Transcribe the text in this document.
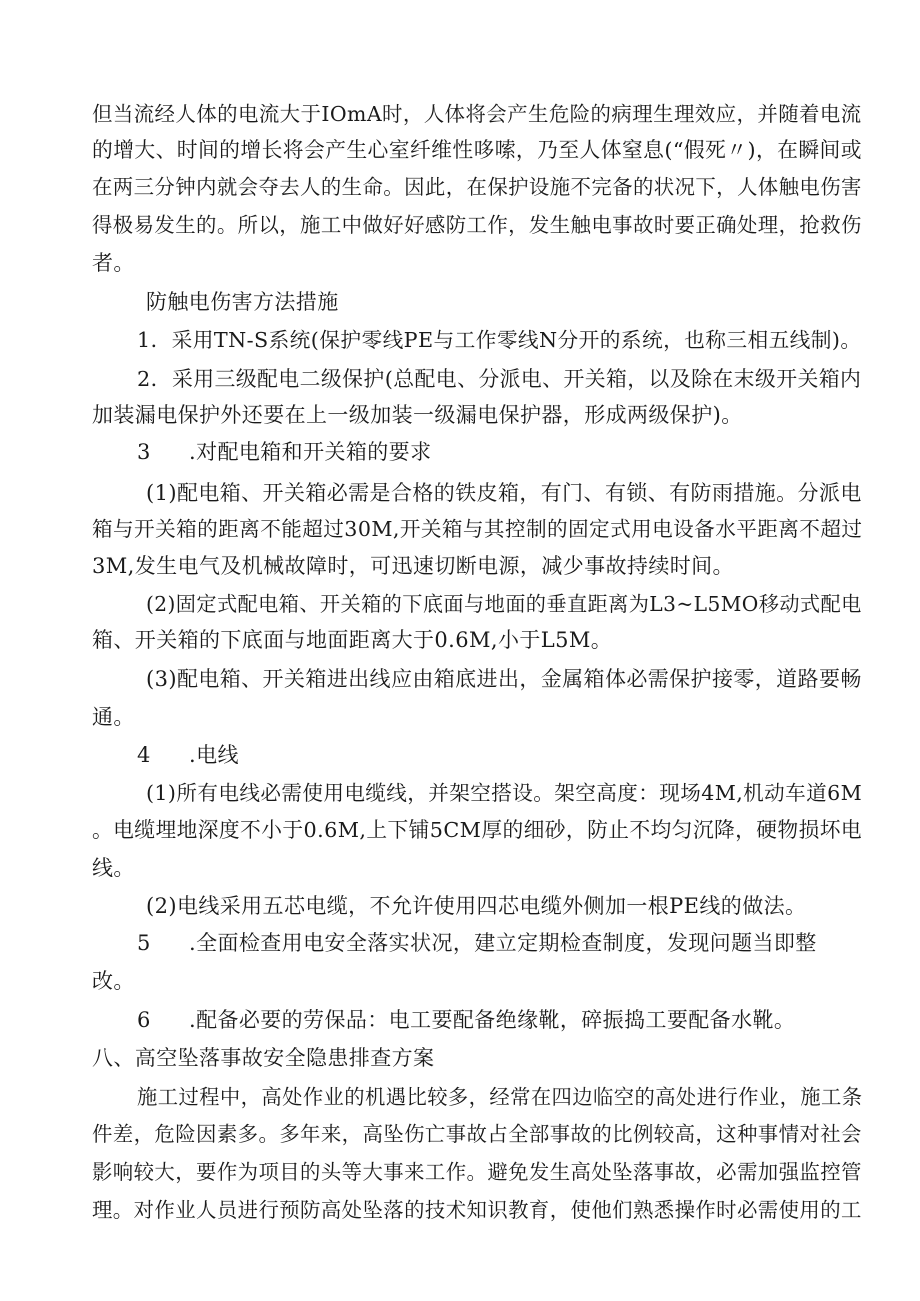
但当流经人体的电流大于IOmA时，人体将会产生危险的病理生理效应，并随着电流
的增大、时间的增长将会产生心室纤维性哆嗦，乃至人体窒息(“假死〃)，在瞬间或
在两三分钟内就会夺去人的生命。因此，在保护设施不完备的状况下，人体触电伤害
得极易发生的。所以，施工中做好好感防工作，发生触电事故时要正确处理，抢救伤
者。
防触电伤害方法措施
1．采用TN-S系统(保护零线PE与工作零线N分开的系统，也称三相五线制)。
2．采用三级配电二级保护(总配电、分派电、开关箱，以及除在末级开关箱内
加装漏电保护外还要在上一级加装一级漏电保护器，形成两级保护)。
3 .对配电箱和开关箱的要求
(1)配电箱、开关箱必需是合格的铁皮箱，有门、有锁、有防雨措施。分派电
箱与开关箱的距离不能超过30M,开关箱与其控制的固定式用电设备水平距离不超过
3M,发生电气及机械故障时，可迅速切断电源，减少事故持续时间。
(2)固定式配电箱、开关箱的下底面与地面的垂直距离为L3~L5MO移动式配电
箱、开关箱的下底面与地面距离大于0.6M,小于L5M。
(3)配电箱、开关箱进出线应由箱底进出，金属箱体必需保护接零，道路要畅
通。
4 .电线
(1)所有电线必需使用电缆线，并架空搭设。架空高度：现场4M,机动车道6M
。电缆埋地深度不小于0.6M,上下铺5CM厚的细砂，防止不均匀沉降，硬物损坏电
线。
(2)电线采用五芯电缆，不允许使用四芯电缆外侧加一根PE线的做法。
5 .全面检查用电安全落实状况，建立定期检查制度，发现问题当即整
改。
6 .配备必要的劳保品：电工要配备绝缘靴，碎振捣工要配备水靴。
八、高空坠落事故安全隐患排查方案
施工过程中，高处作业的机遇比较多，经常在四边临空的高处进行作业，施工条
件差，危险因素多。多年来，高坠伤亡事故占全部事故的比例较高，这种事情对社会
影响较大，要作为项目的头等大事来工作。避免发生高处坠落事故，必需加强监控管
理。对作业人员进行预防高处坠落的技术知识教育，使他们熟悉操作时必需使用的工
